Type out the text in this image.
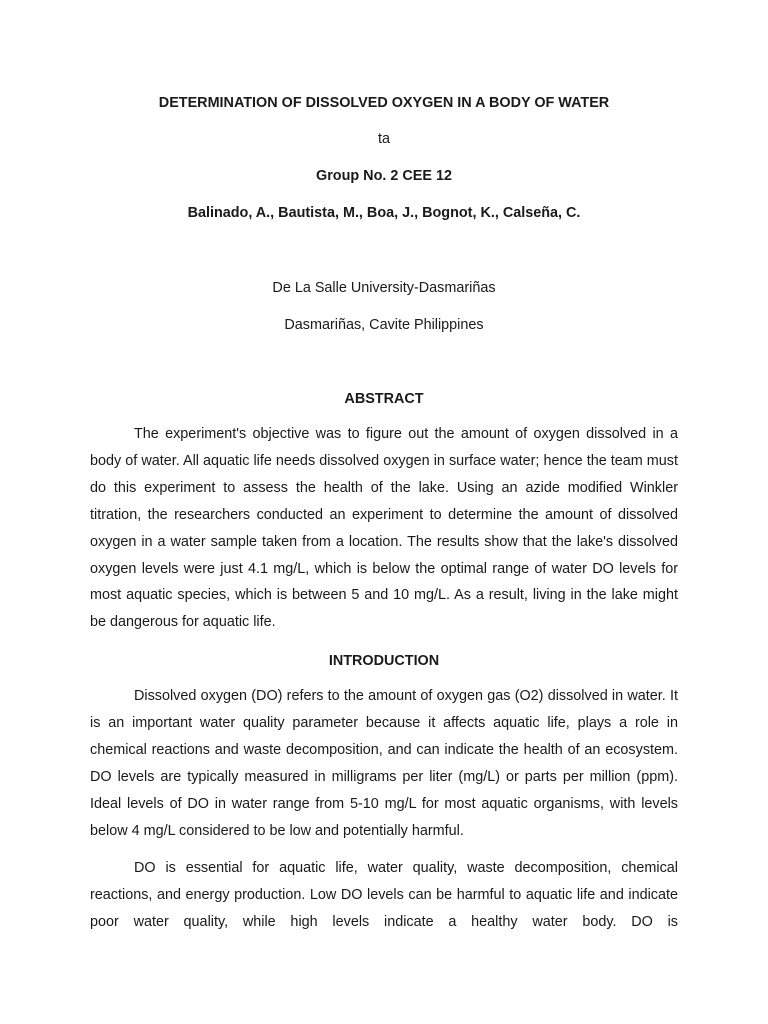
DETERMINATION OF DISSOLVED OXYGEN IN A BODY OF WATER
ta
Group No. 2 CEE 12
Balinado, A., Bautista, M., Boa, J., Bognot, K., Calseña, C.
De La Salle University-Dasmariñas
Dasmariñas, Cavite Philippines
ABSTRACT

The experiment's objective was to figure out the amount of oxygen dissolved in a body of water. All aquatic life needs dissolved oxygen in surface water; hence the team must do this experiment to assess the health of the lake. Using an azide modified Winkler titration, the researchers conducted an experiment to determine the amount of dissolved oxygen in a water sample taken from a location. The results show that the lake's dissolved oxygen levels were just 4.1 mg/L, which is below the optimal range of water DO levels for most aquatic species, which is between 5 and 10 mg/L. As a result, living in the lake might be dangerous for aquatic life.

INTRODUCTION

Dissolved oxygen (DO) refers to the amount of oxygen gas (O2) dissolved in water. It is an important water quality parameter because it affects aquatic life, plays a role in chemical reactions and waste decomposition, and can indicate the health of an ecosystem. DO levels are typically measured in milligrams per liter (mg/L) or parts per million (ppm). Ideal levels of DO in water range from 5-10 mg/L for most aquatic organisms, with levels below 4 mg/L considered to be low and potentially harmful.

DO is essential for aquatic life, water quality, waste decomposition, chemical reactions, and energy production. Low DO levels can be harmful to aquatic life and indicate poor water quality, while high levels indicate a healthy water body. DO is
